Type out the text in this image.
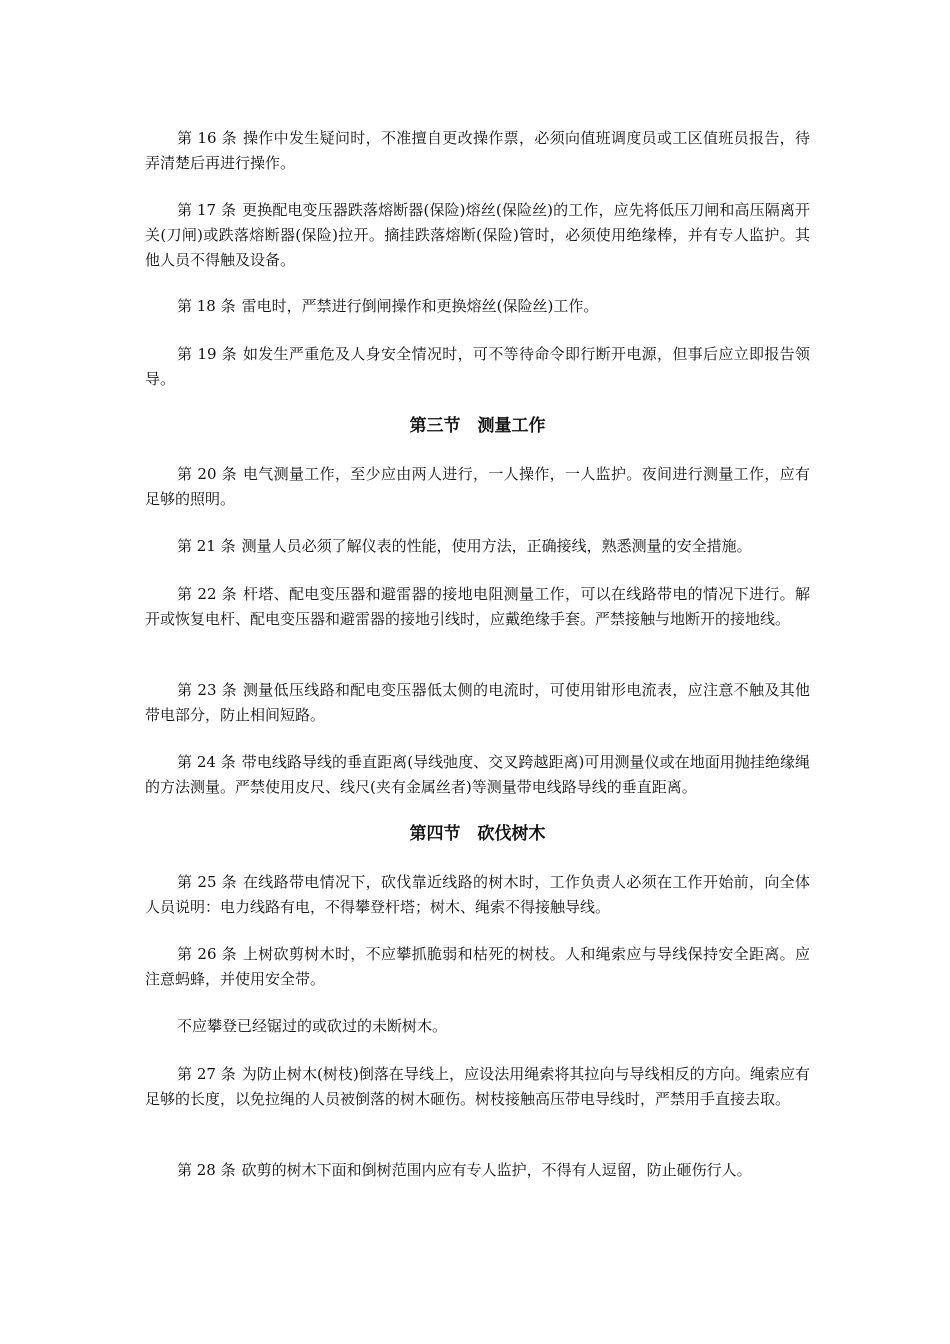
第 16 条 操作中发生疑问时，不准擅自更改操作票，必须向值班调度员或工区值班员报告，待弄清楚后再进行操作。

第 17 条 更换配电变压器跌落熔断器(保险)熔丝(保险丝)的工作，应先将低压刀闸和高压隔离开关(刀闸)或跌落熔断器(保险)拉开。摘挂跌落熔断(保险)管时，必须使用绝缘棒，并有专人监护。其他人员不得触及设备。

第 18 条 雷电时，严禁进行倒闸操作和更换熔丝(保险丝)工作。

第 19 条 如发生严重危及人身安全情况时，可不等待命令即行断开电源，但事后应立即报告领导。

第三节　测量工作

第 20 条 电气测量工作，至少应由两人进行，一人操作，一人监护。夜间进行测量工作，应有足够的照明。

第 21 条 测量人员必须了解仪表的性能，使用方法，正确接线，熟悉测量的安全措施。

第 22 条 杆塔、配电变压器和避雷器的接地电阻测量工作，可以在线路带电的情况下进行。解开或恢复电杆、配电变压器和避雷器的接地引线时，应戴绝缘手套。严禁接触与地断开的接地线。

第 23 条 测量低压线路和配电变压器低太侧的电流时，可使用钳形电流表，应注意不触及其他带电部分，防止相间短路。

第 24 条 带电线路导线的垂直距离(导线弛度、交叉跨越距离)可用测量仪或在地面用抛挂绝缘绳的方法测量。严禁使用皮尺、线尺(夹有金属丝者)等测量带电线路导线的垂直距离。

第四节　砍伐树木

第 25 条 在线路带电情况下，砍伐靠近线路的树木时，工作负责人必须在工作开始前，向全体人员说明：电力线路有电，不得攀登杆塔；树木、绳索不得接触导线。

第 26 条 上树砍剪树木时，不应攀抓脆弱和枯死的树枝。人和绳索应与导线保持安全距离。应注意蚂蜂，并使用安全带。

不应攀登已经锯过的或砍过的未断树木。

第 27 条 为防止树木(树枝)倒落在导线上，应设法用绳索将其拉向与导线相反的方向。绳索应有足够的长度，以免拉绳的人员被倒落的树木砸伤。树枝接触高压带电导线时，严禁用手直接去取。

第 28 条 砍剪的树木下面和倒树范围内应有专人监护，不得有人逗留，防止砸伤行人。
